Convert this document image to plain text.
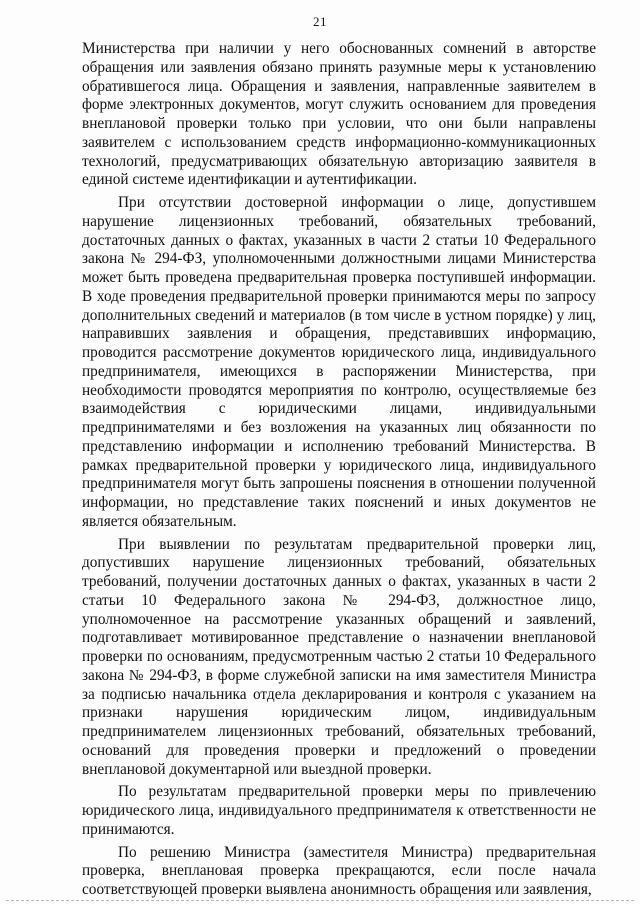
21

Министерства при наличии у него обоснованных сомнений в авторстве обращения или заявления обязано принять разумные меры к установлению обратившегося лица. Обращения и заявления, направленные заявителем в форме электронных документов, могут служить основанием для проведения внеплановой проверки только при условии, что они были направлены заявителем с использованием средств информационно-коммуникационных технологий, предусматривающих обязательную авторизацию заявителя в единой системе идентификации и аутентификации.

При отсутствии достоверной информации о лице, допустившем нарушение лицензионных требований, обязательных требований, достаточных данных о фактах, указанных в части 2 статьи 10 Федерального закона № 294-ФЗ, уполномоченными должностными лицами Министерства может быть проведена предварительная проверка поступившей информации. В ходе проведения предварительной проверки принимаются меры по запросу дополнительных сведений и материалов (в том числе в устном порядке) у лиц, направивших заявления и обращения, представивших информацию, проводится рассмотрение документов юридического лица, индивидуального предпринимателя, имеющихся в распоряжении Министерства, при необходимости проводятся мероприятия по контролю, осуществляемые без взаимодействия с юридическими лицами, индивидуальными предпринимателями и без возложения на указанных лиц обязанности по представлению информации и исполнению требований Министерства. В рамках предварительной проверки у юридического лица, индивидуального предпринимателя могут быть запрошены пояснения в отношении полученной информации, но представление таких пояснений и иных документов не является обязательным.

При выявлении по результатам предварительной проверки лиц, допустивших нарушение лицензионных требований, обязательных требований, получении достаточных данных о фактах, указанных в части 2 статьи 10 Федерального закона № 294-ФЗ, должностное лицо, уполномоченное на рассмотрение указанных обращений и заявлений, подготавливает мотивированное представление о назначении внеплановой проверки по основаниям, предусмотренным частью 2 статьи 10 Федерального закона № 294-ФЗ, в форме служебной записки на имя заместителя Министра за подписью начальника отдела декларирования и контроля с указанием на признаки нарушения юридическим лицом, индивидуальным предпринимателем лицензионных требований, обязательных требований, оснований для проведения проверки и предложений о проведении внеплановой документарной или выездной проверки.

По результатам предварительной проверки меры по привлечению юридического лица, индивидуального предпринимателя к ответственности не принимаются.

По решению Министра (заместителя Министра) предварительная проверка, внеплановая проверка прекращаются, если после начала соответствующей проверки выявлена анонимность обращения или заявления,
